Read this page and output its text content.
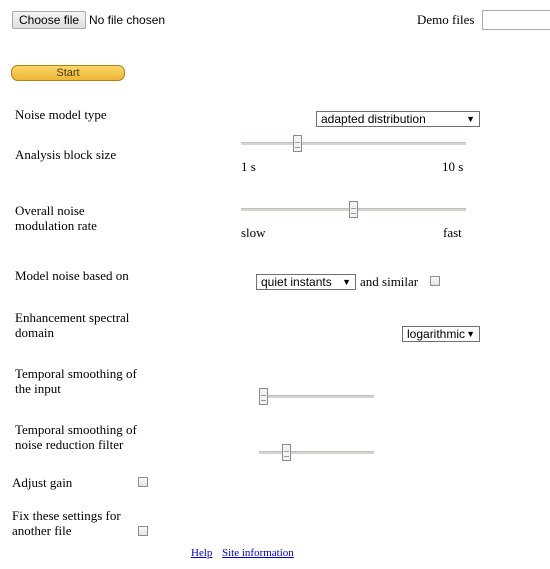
Choose file No file chosen	Demo files
Start
Noise model type	adapted distribution	▼
Analysis block size
1 s	10 s
Overall noise
modulation rate	slow	fast
Model noise based on	quiet instants ▼ and similar
Enhancement spectral
domain	logarithmic ▼
Temporal smoothing of
the input
Temporal smoothing of
noise reduction filter
Adjust gain
Fix these settings for
another file
Help Site information
